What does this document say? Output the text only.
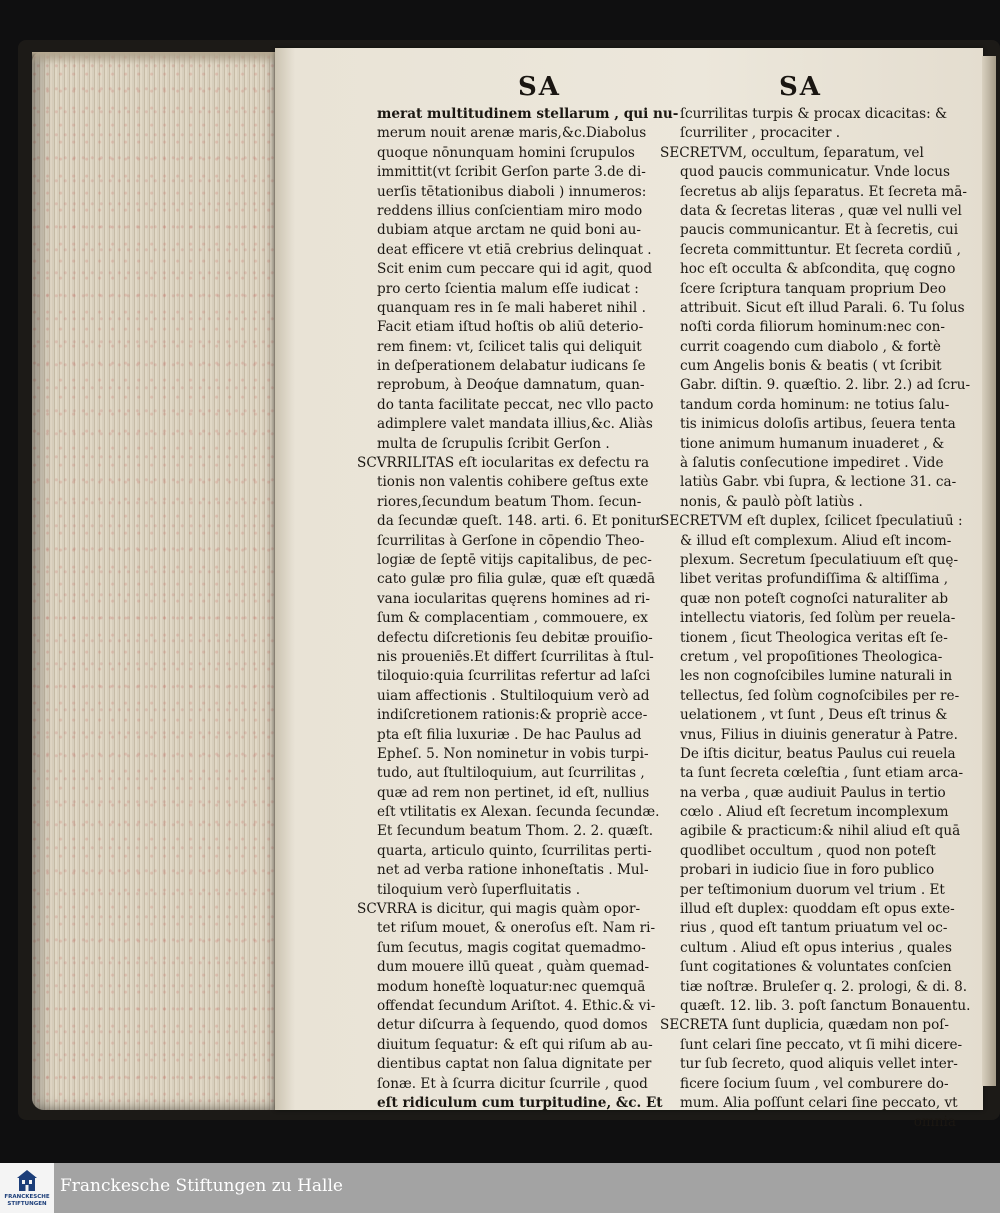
SA	SA
merat multitudinem stellarum , qui nu-
merum nouit arenæ maris,&c.Diabolus
quoque nōnunquam homini ſcrupulos
immittit(vt ſcribit Gerſon parte 3.de di-
uerſis tētationibus diaboli ) innumeros:
reddens illius conſcientiam miro modo
dubiam atque arctam ne quid boni au-
deat efficere vt etiā crebrius delinquat .
Scit enim cum peccare qui id agit, quod
pro certo ſcientia malum eſſe iudicat :
quanquam res in ſe mali haberet nihil .
Facit etiam iſtud hoſtis ob aliū deterio-
rem finem: vt, ſcilicet talis qui deliquit
in deſperationem delabatur iudicans ſe
reprobum, à Deoq́ue damnatum, quan-
do tanta facilitate peccat, nec vllo pacto
adimplere valet mandata illius,&c. Aliàs
multa de ſcrupulis ſcribit Gerſon .
SCVRRILITAS eſt iocularitas ex defectu ra
tionis non valentis cohibere geſtus exte
riores,ſecundum beatum Thom. ſecun-
da ſecundæ queſt. 148. arti. 6. Et ponitur
ſcurrilitas à Gerſone in cōpendio Theo-
logiæ de ſeptē vitijs capitalibus, de pec-
cato gulæ pro filia gulæ, quæ eſt quædā
vana iocularitas quęrens homines ad ri-
ſum & complacentiam , commouere, ex
defectu diſcretionis ſeu debitæ prouiſio-
nis proueniēs.Et differt ſcurrilitas à ſtul-
tiloquio:quia ſcurrilitas refertur ad laſci
uiam affectionis . Stultiloquium verò ad
indiſcretionem rationis:& propriè acce-
pta eſt filia luxuriæ . De hac Paulus ad
Epheſ. 5. Non nominetur in vobis turpi-
tudo, aut ſtultiloquium, aut ſcurrilitas ,
quæ ad rem non pertinet, id eſt, nullius
eſt vtilitatis ex Alexan. ſecunda ſecundæ.
Et ſecundum beatum Thom. 2. 2. quæſt.
quarta, articulo quinto, ſcurrilitas perti-
net ad verba ratione inhoneſtatis . Mul-
tiloquium verò ſuperfluitatis .
SCVRRA is dicitur, qui magis quàm opor-
tet riſum mouet, & oneroſus eſt. Nam ri-
ſum ſecutus, magis cogitat quemadmo-
dum mouere illū queat , quàm quemad-
modum honeſtè loquatur:nec quemquā
offendat ſecundum Ariſtot. 4. Ethic.& vi-
detur diſcurra à ſequendo, quod domos
diuitum ſequatur: & eſt qui riſum ab au-
dientibus captat non ſalua dignitate per
ſonæ. Et à ſcurra dicitur ſcurrile , quod
eſt ridiculum cum turpitudine, &c. Et
ſcurrilitas turpis & procax dicacitas: &
ſcurriliter , procaciter .
SECRETVM, occultum, ſeparatum, vel
quod paucis communicatur. Vnde locus
ſecretus ab alijs ſeparatus. Et ſecreta mā-
data & ſecretas literas , quæ vel nulli vel
paucis communicantur. Et à ſecretis, cui
ſecreta committuntur. Et ſecreta cordiū ,
hoc eſt occulta & abſcondita, quę cogno
ſcere ſcriptura tanquam proprium Deo
attribuit. Sicut eſt illud Parali. 6. Tu ſolus
noſti corda filiorum hominum:nec con-
currit coagendo cum diabolo , & fortè
cum Angelis bonis & beatis ( vt ſcribit
Gabr. diſtin. 9. quæſtio. 2. libr. 2.) ad ſcru-
tandum corda hominum: ne totius ſalu-
tis inimicus doloſis artibus, ſeuera tenta
tione animum humanum inuaderet , &
à ſalutis conſecutione impediret . Vide
latiùs Gabr. vbi ſupra, & lectione 31. ca-
nonis, & paulò pòſt latiùs .
SECRETVM eſt duplex, ſcilicet ſpeculatiuū :
& illud eſt complexum. Aliud eſt incom-
plexum. Secretum ſpeculatiuum eſt quę-
libet veritas profundiſſima & altiſſima ,
quæ non poteſt cognoſci naturaliter ab
intellectu viatoris, ſed ſolùm per reuela-
tionem , ſicut Theologica veritas eſt ſe-
cretum , vel propoſitiones Theologica-
les non cognoſcibiles lumine naturali in
tellectus, ſed ſolùm cognoſcibiles per re-
uelationem , vt ſunt , Deus eſt trinus &
vnus, Filius in diuinis generatur à Patre.
De iſtis dicitur, beatus Paulus cui reuela
ta ſunt ſecreta cœleſtia , ſunt etiam arca-
na verba , quæ audiuit Paulus in tertio
cœlo . Aliud eſt ſecretum incomplexum
agibile & practicum:& nihil aliud eſt quā
quodlibet occultum , quod non poteſt
probari in iudicio ſiue in foro publico
per teſtimonium duorum vel trium . Et
illud eſt duplex: quoddam eſt opus exte-
rius , quod eſt tantum priuatum vel oc-
cultum . Aliud eſt opus interius , quales
ſunt cogitationes & voluntates conſcien
tiæ noſtræ. Bruleſer q. 2. prologi, & di. 8.
quæſt. 12. lib. 3. poſt ſanctum Bonauentu.
SECRETA ſunt duplicia, quædam non poſ-
ſunt celari ſine peccato, vt ſi mihi dicere-
tur ſub ſecreto, quod aliquis vellet inter-
ficere ſocium ſuum , vel comburere do-
mum. Alia poſſunt celari ſine peccato, vt
omnia
FRANCKESCHE
STIFTUNGEN
Franckesche Stiftungen zu Halle
